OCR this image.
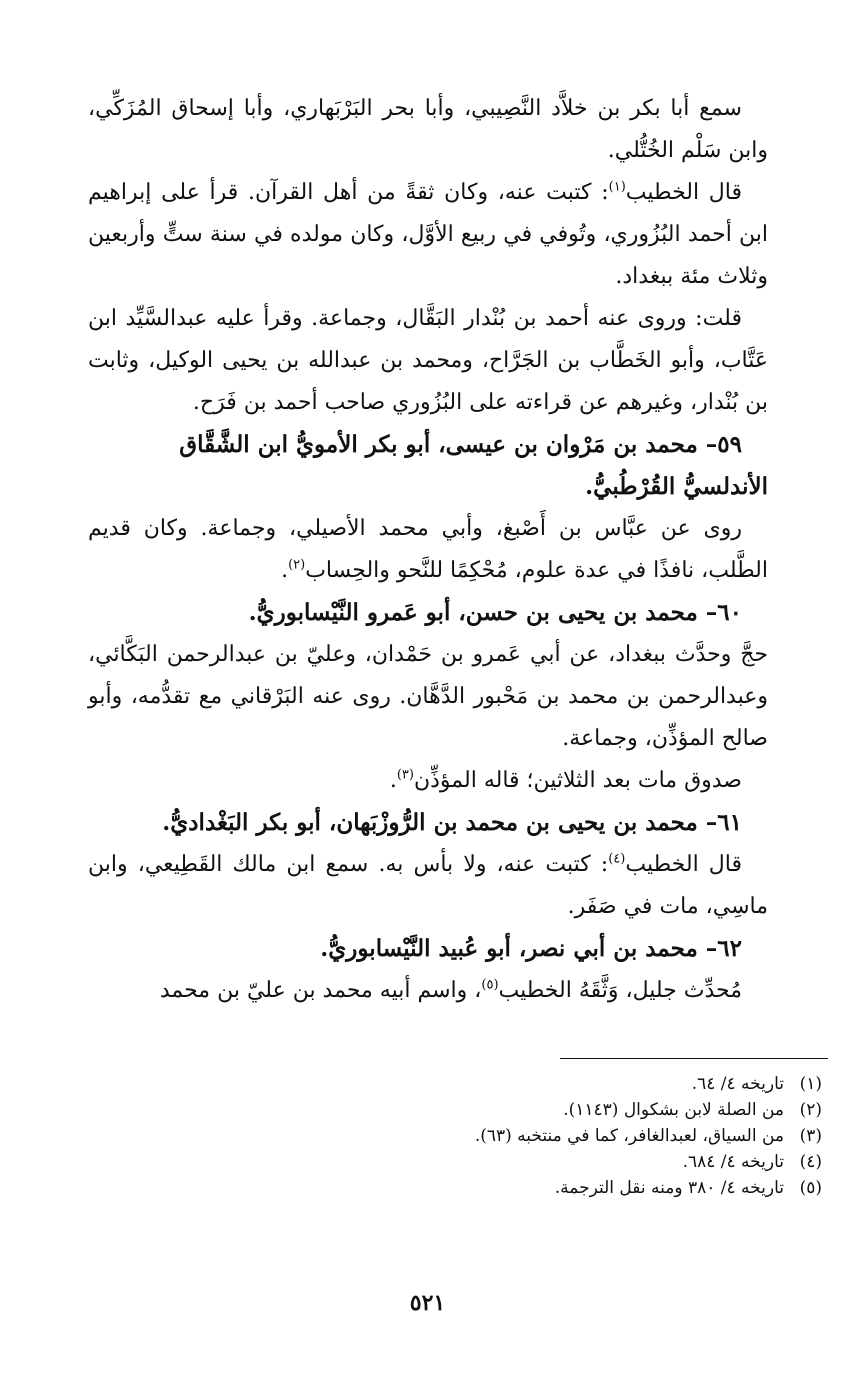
سمع أبا بكر بن خلاَّد النَّصِيبي، وأبا بحر البَرْبَهاري، وأبا إسحاق المُزَكِّي، وابن سَلْم الخُتُّلي.

قال الخطيب$^{(١)}$: كتبت عنه، وكان ثقةً من أهل القرآن. قرأ على إبراهيم ابن أحمد البُزُوري، وتُوفي في ربيع الأوَّل، وكان مولده في سنة ستٍّ وأربعين وثلاث مئة ببغداد.

قلت: وروى عنه أحمد بن بُنْدار البَقَّال، وجماعة. وقرأ عليه عبدالسَّيِّد ابن عَتَّاب، وأبو الخَطَّاب بن الجَرَّاح، ومحمد بن عبدالله بن يحيى الوكيل، وثابت بن بُنْدار، وغيرهم عن قراءته على البُزُوري صاحب أحمد بن فَرَح.

٥٩– محمد بن مَرْوان بن عيسى، أبو بكر الأمويُّ ابن الشَّقَّاق الأندلسيُّ القُرْطُبيُّ.

روى عن عبَّاس بن أَصْبغ، وأبي محمد الأصيلي، وجماعة. وكان قديم الطَّلب، نافذًا في عدة علوم، مُحْكِمًا للنَّحو والحِساب$^{(٢)}$.

٦٠– محمد بن يحيى بن حسن، أبو عَمرو النَّيْسابوريُّ.

حجَّ وحدَّث ببغداد، عن أبي عَمرو بن حَمْدان، وعليّ بن عبدالرحمن البَكَّائي، وعبدالرحمن بن محمد بن مَحْبور الدَّهَّان. روى عنه البَرْقاني مع تقدُّمه، وأبو صالح المؤذِّن، وجماعة.

صدوق مات بعد الثلاثين؛ قاله المؤذِّن$^{(٣)}$.

٦١– محمد بن يحيى بن محمد بن الرُّوزْبَهان، أبو بكر البَغْداديُّ.

قال الخطيب$^{(٤)}$: كتبت عنه، ولا بأس به. سمع ابن مالك القَطِيعي، وابن ماسِي، مات في صَفَر.

٦٢– محمد بن أبي نصر، أبو عُبيد النَّيْسابوريُّ.

مُحدِّث جليل، وَثَّقَهُ الخطيب$^{(٥)}$، واسم أبيه محمد بن عليّ بن محمد

(١)تاريخه ٤/ ٦٤.
(٢)من الصلة لابن بشكوال (١١٤٣).
(٣)من السياق، لعبدالغافر، كما في منتخبه (٦٣).
(٤)تاريخه ٤/ ٦٨٤.
(٥)تاريخه ٤/ ٣٨٠ ومنه نقل الترجمة.
٥٢١
